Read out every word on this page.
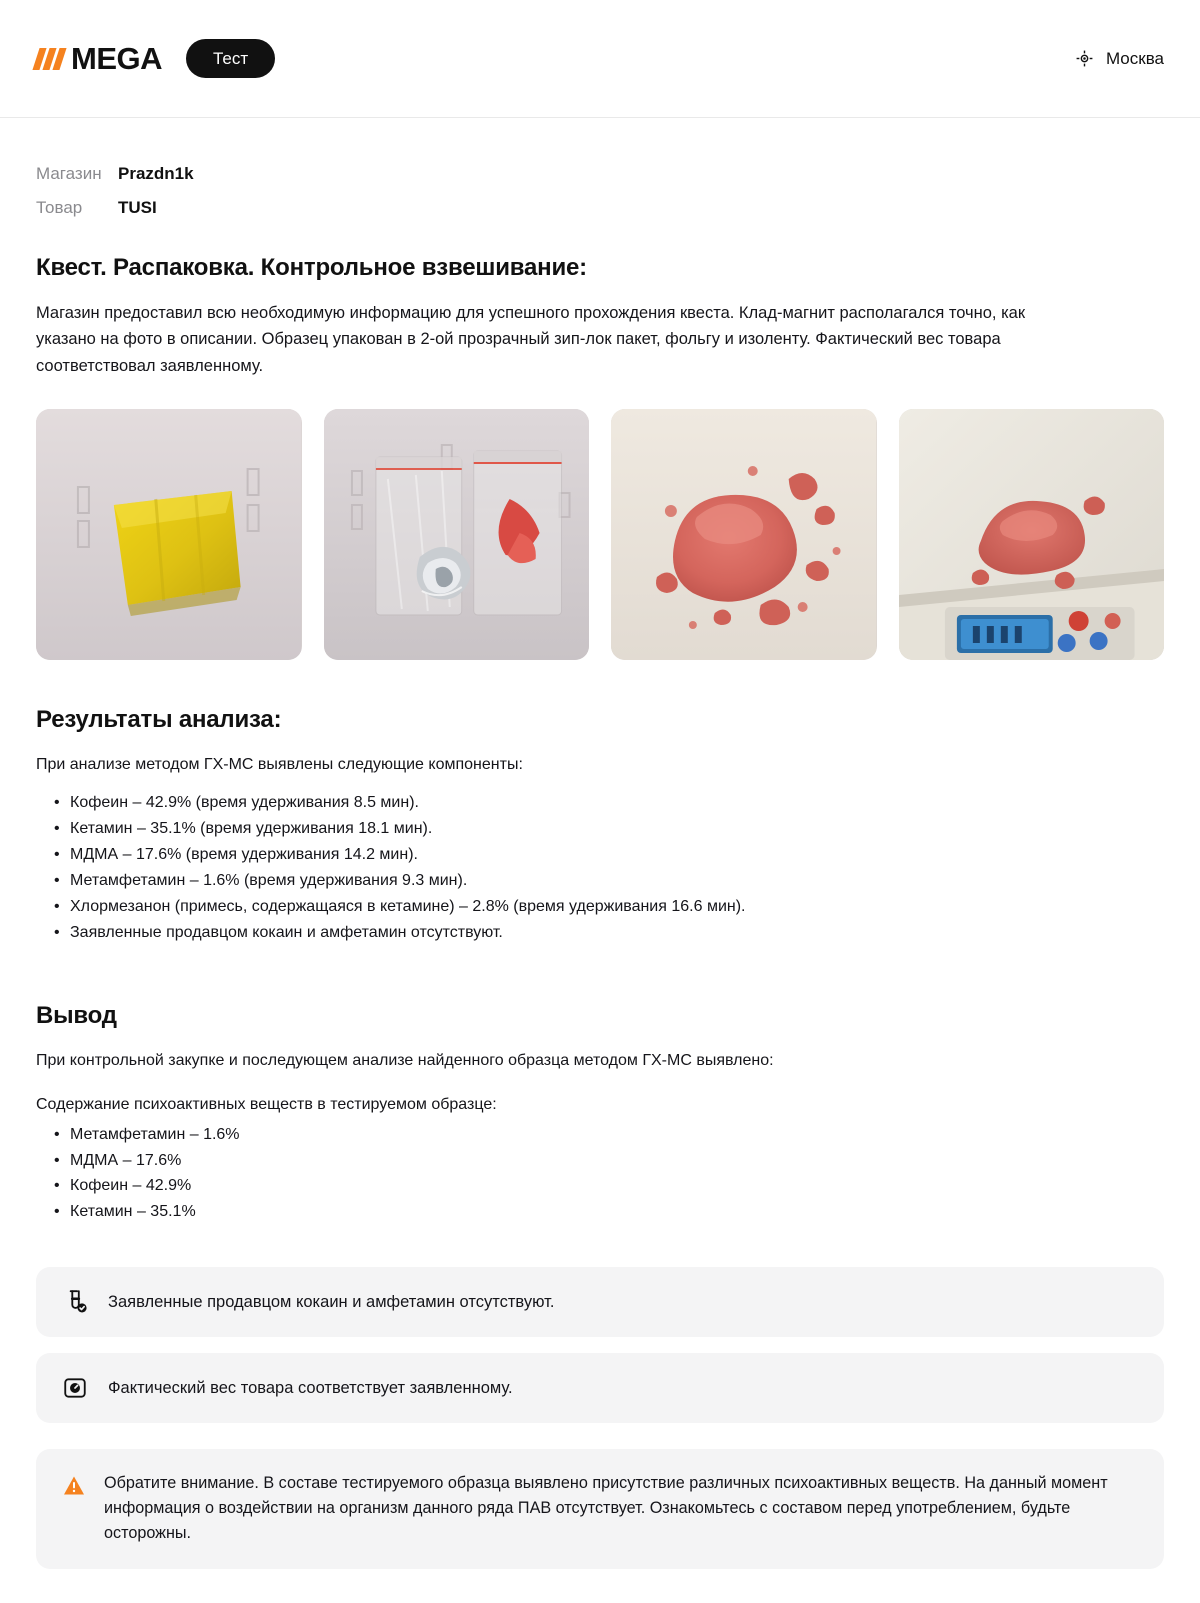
MEGA	Тест	Москва
Магазин Prazdn1k
Товар	TUSI
Квест. Распаковка. Контрольное взвешивание:

Магазин предоставил всю необходимую информацию для успешного прохождения квеста. Клад-магнит располагался точно, как указано на фото в описании. Образец упакован в 2-ой прозрачный зип-лок пакет, фольгу и изоленту. Фактический вес товара соответствовал заявленному.

Результаты анализа:

При анализе методом ГХ-МС выявлены следующие компоненты:

• Кофеин – 42.9% (время удерживания 8.5 мин).
• Кетамин – 35.1% (время удерживания 18.1 мин).
• МДМА – 17.6% (время удерживания 14.2 мин).
• Метамфетамин – 1.6% (время удерживания 9.3 мин).
• Хлормезанон (примесь, содержащаяся в кетамине) – 2.8% (время удерживания 16.6 мин).
• Заявленные продавцом кокаин и амфетамин отсутствуют.
Вывод

При контрольной закупке и последующем анализе найденного образца методом ГХ-МС выявлено:

Содержание психоактивных веществ в тестируемом образце:

• Метамфетамин – 1.6%
• МДМА – 17.6%
• Кофеин – 42.9%
• Кетамин – 35.1%
Заявленные продавцом кокаин и амфетамин отсутствуют.
Фактический вес товара соответствует заявленному.
Обратите внимание. В составе тестируемого образца выявлено присутствие различных психоактивных веществ. На данный момент информация о воздействии на организм данного ряда ПАВ отсутствует. Ознакомьтесь с составом перед употреблением, будьте осторожны.
